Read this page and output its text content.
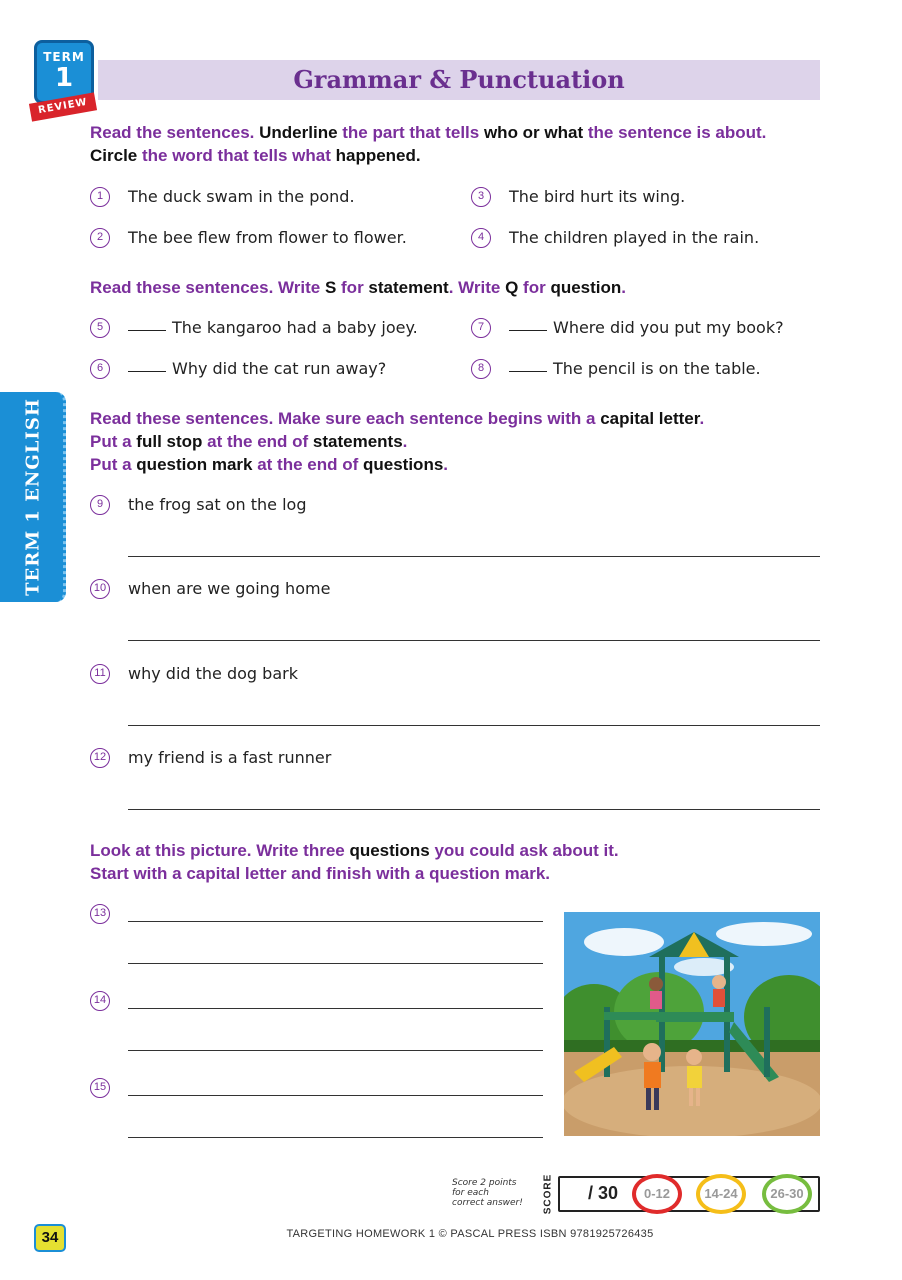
TERM
1
REVIEW
Grammar & Punctuation
TERM 1 ENGLISH
Read the sentences. Underline the part that tells who or what the sentence is about.
Circle the word that tells what happened.
1	The duck swam in the pond.
2	The bee flew from flower to flower.
3	The bird hurt its wing.
4	The children played in the rain.
Read these sentences. Write S for statement. Write Q for question.
5	The kangaroo had a baby joey.
6	Why did the cat run away?
7	Where did you put my book?
8	The pencil is on the table.
Read these sentences. Make sure each sentence begins with a capital letter.
Put a full stop at the end of statements.
Put a question mark at the end of questions.
9	the frog sat on the log
10 when are we going home
11 why did the dog bark
12 my friend is a fast runner
Look at this picture. Write three questions you could ask about it.
Start with a capital letter and finish with a question mark.
13
14
15
Score 2 points
for each
correct answer!	SCORE / 30	0-12	14-24	26-30
34	TARGETING HOMEWORK 1 © PASCAL PRESS ISBN 9781925726435
